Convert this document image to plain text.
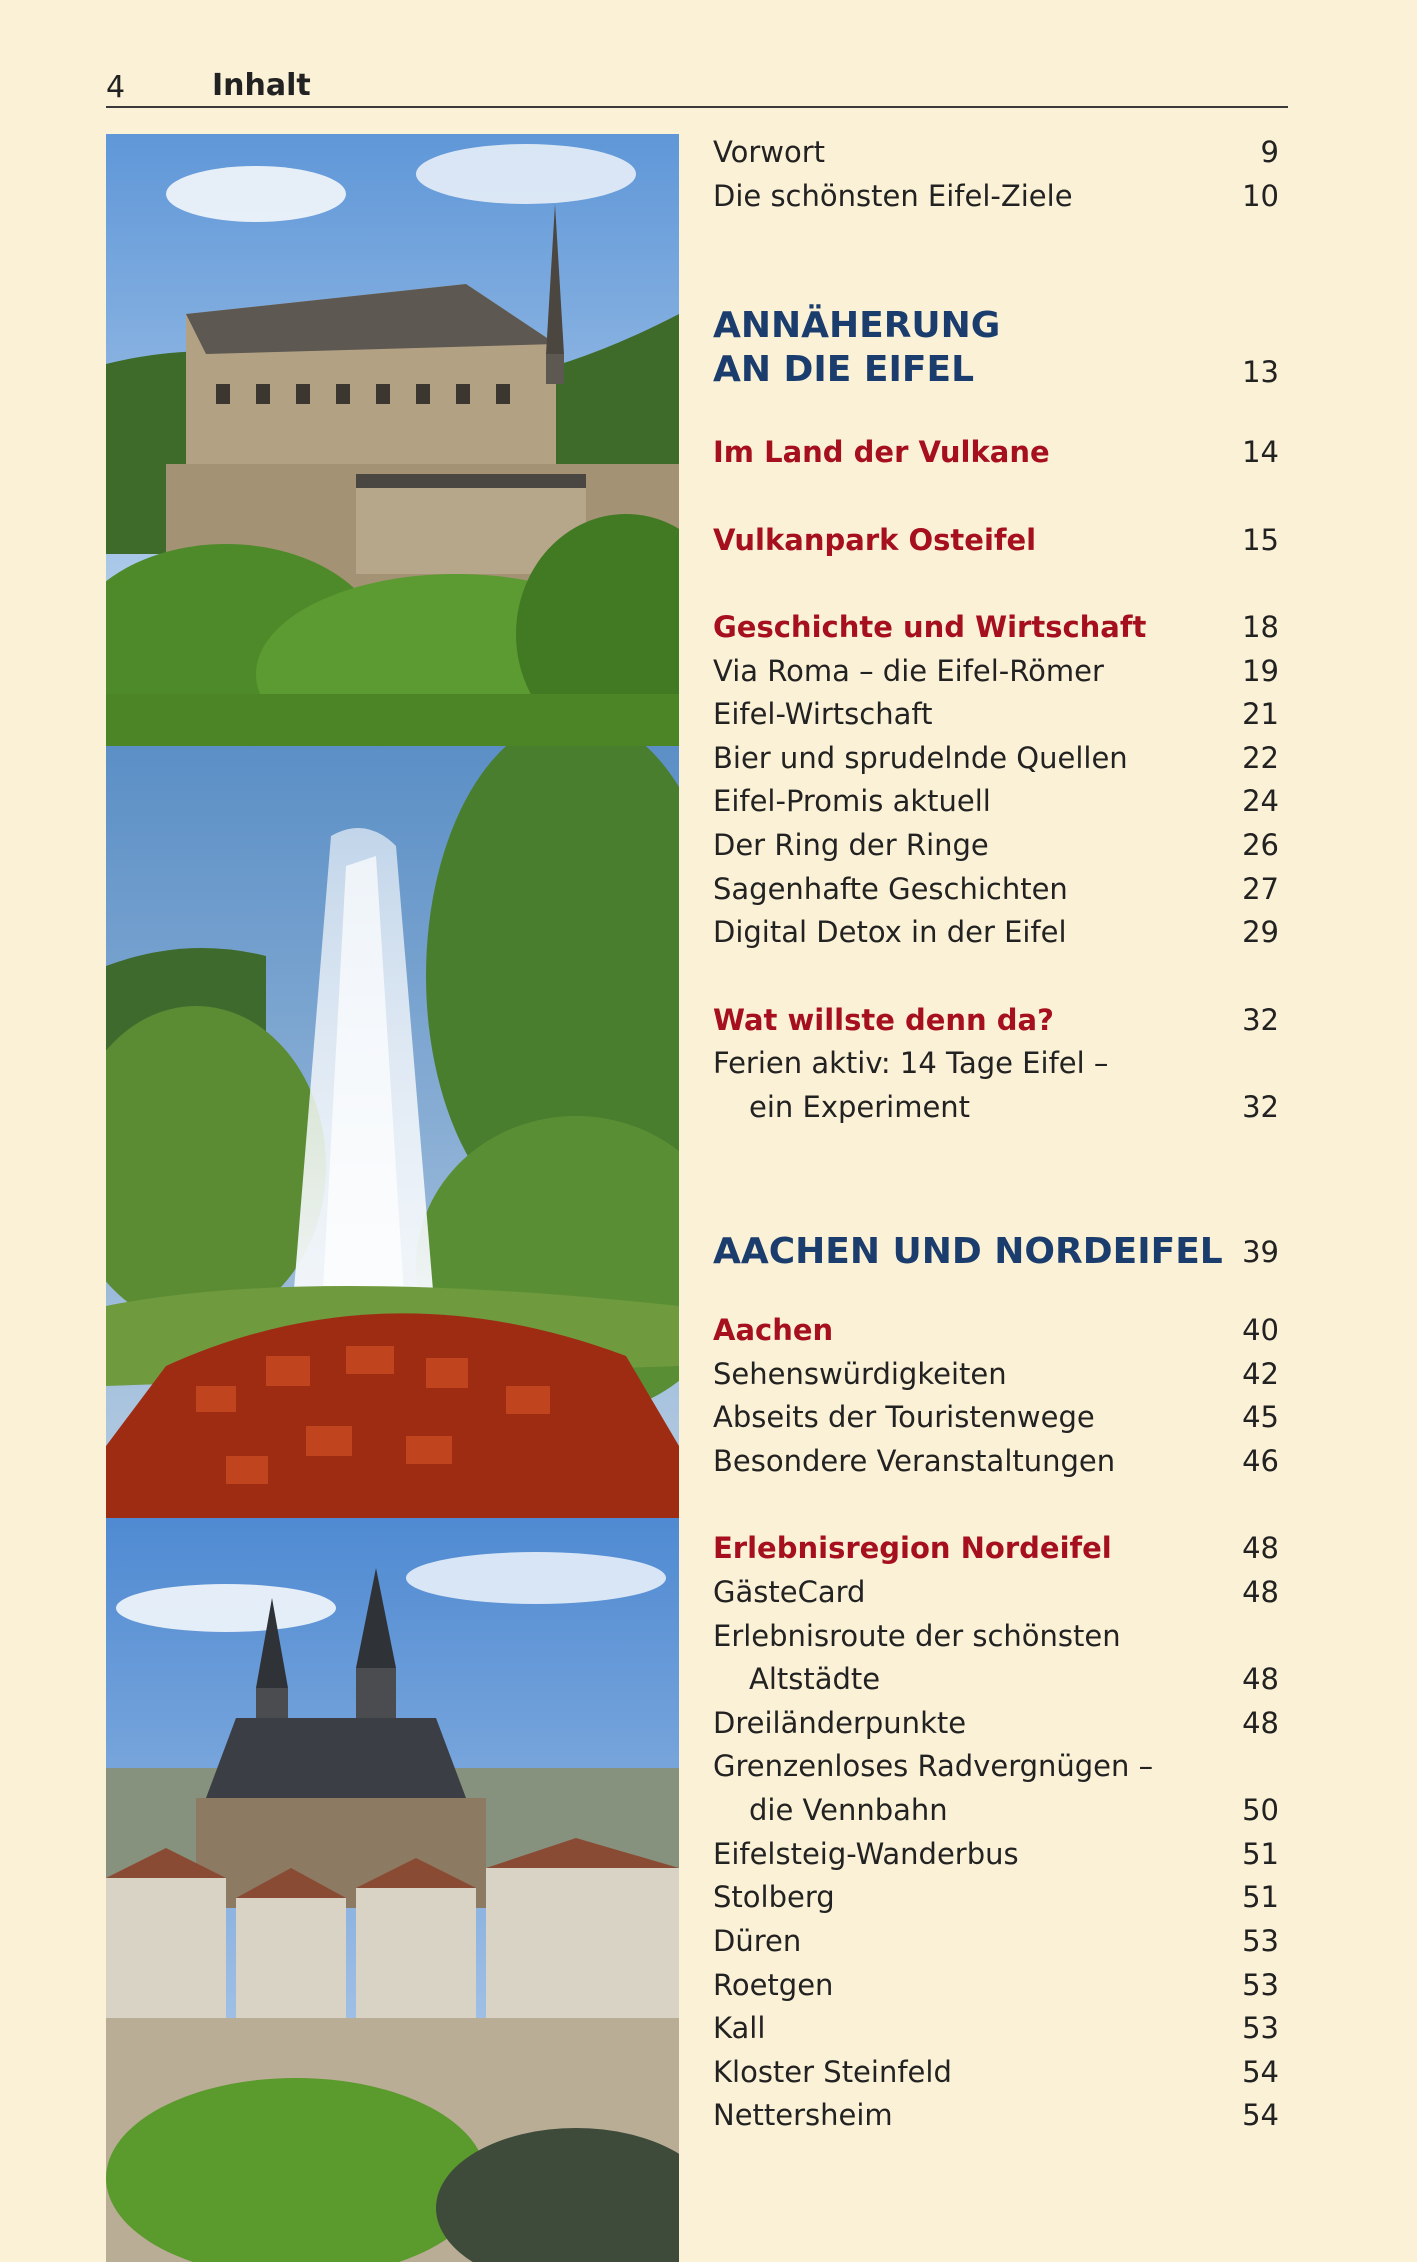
4	Inhalt
Vorwort	9
Die schönsten Eifel-Ziele	10
ANNÄHERUNG
AN DIE EIFEL	13
Im Land der Vulkane	14
Vulkanpark Osteifel	15
Geschichte und Wirtschaft	18
Via Roma – die Eifel-Römer	19
Eifel-Wirtschaft	21
Bier und sprudelnde Quellen	22
Eifel-Promis aktuell	24
Der Ring der Ringe	26
Sagenhafte Geschichten	27
Digital Detox in der Eifel	29
Wat willste denn da?	32
Ferien aktiv: 14 Tage Eifel –
ein Experiment	32
AACHEN UND NORDEIFEL 39
Aachen	40
Sehenswürdigkeiten	42
Abseits der Touristenwege	45
Besondere Veranstaltungen	46
Erlebnisregion Nordeifel	48
GästeCard	48
Erlebnisroute der schönsten
Altstädte	48
Dreiländerpunkte	48
Grenzenloses Radvergnügen –
die Vennbahn	50
Eifelsteig-Wanderbus	51
Stolberg	51
Düren	53
Roetgen	53
Kall	53
Kloster Steinfeld	54
Nettersheim	54
